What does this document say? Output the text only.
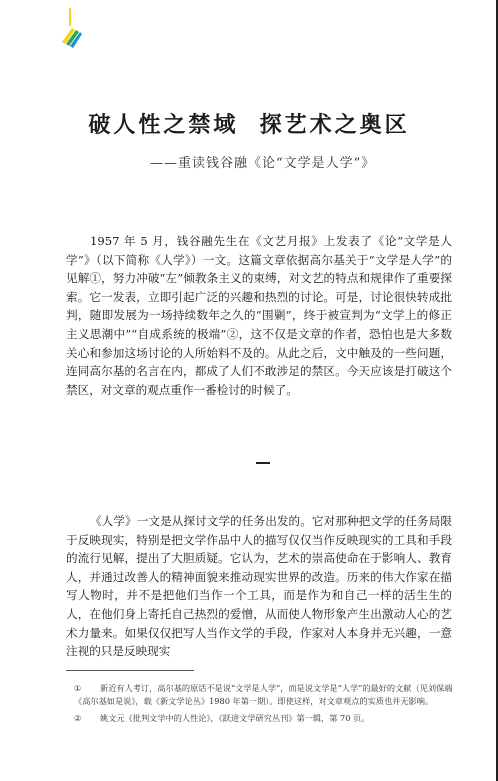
破人性之禁域  探艺术之奥区
——重读钱谷融《论“文学是人学”》

1957 年 5 月，钱谷融先生在《文艺月报》上发表了《论“文学是人学”》（以下简称《人学》）一文。这篇文章依据高尔基关于“文学是人学”的见解①，努力冲破“左”倾教条主义的束缚，对文艺的特点和规律作了重要探索。它一发表，立即引起广泛的兴趣和热烈的讨论。可是，讨论很快转成批判，随即发展为一场持续数年之久的“围剿”，终于被宣判为“文学上的修正主义思潮中”“自成系统的极端”②，这不仅是文章的作者，恐怕也是大多数关心和参加这场讨论的人所始料不及的。从此之后，文中触及的一些问题，连同高尔基的名言在内，都成了人们不敢涉足的禁区。今天应该是打破这个禁区，对文章的观点重作一番检讨的时候了。

《人学》一文是从探讨文学的任务出发的。它对那种把文学的任务局限于反映现实，特别是把文学作品中人的描写仅仅当作反映现实的工具和手段的流行见解，提出了大胆质疑。它认为，艺术的崇高使命在于影响人、教育人，并通过改善人的精神面貌来推动现实世界的改造。历来的伟大作家在描写人物时，并不是把他们当作一个工具，而是作为和自己一样的活生生的人，在他们身上寄托自己热烈的爱憎，从而使人物形象产生出激动人心的艺术力量来。如果仅仅把写人当作文学的手段，作家对人本身并无兴趣，一意注视的只是反映现实

① 新近有人考订，高尔基的原话不是说“文学是人学”，而是说文学是“人学”的最好的文献（见刘保端《高尔基如是说》，载《新文学论丛》1980 年第一期）。即使这样，对文章观点的实质也并无影响。

② 姚文元《批判文学中的人性论》，《跃进文学研究丛刊》第一辑，第 70 页。
